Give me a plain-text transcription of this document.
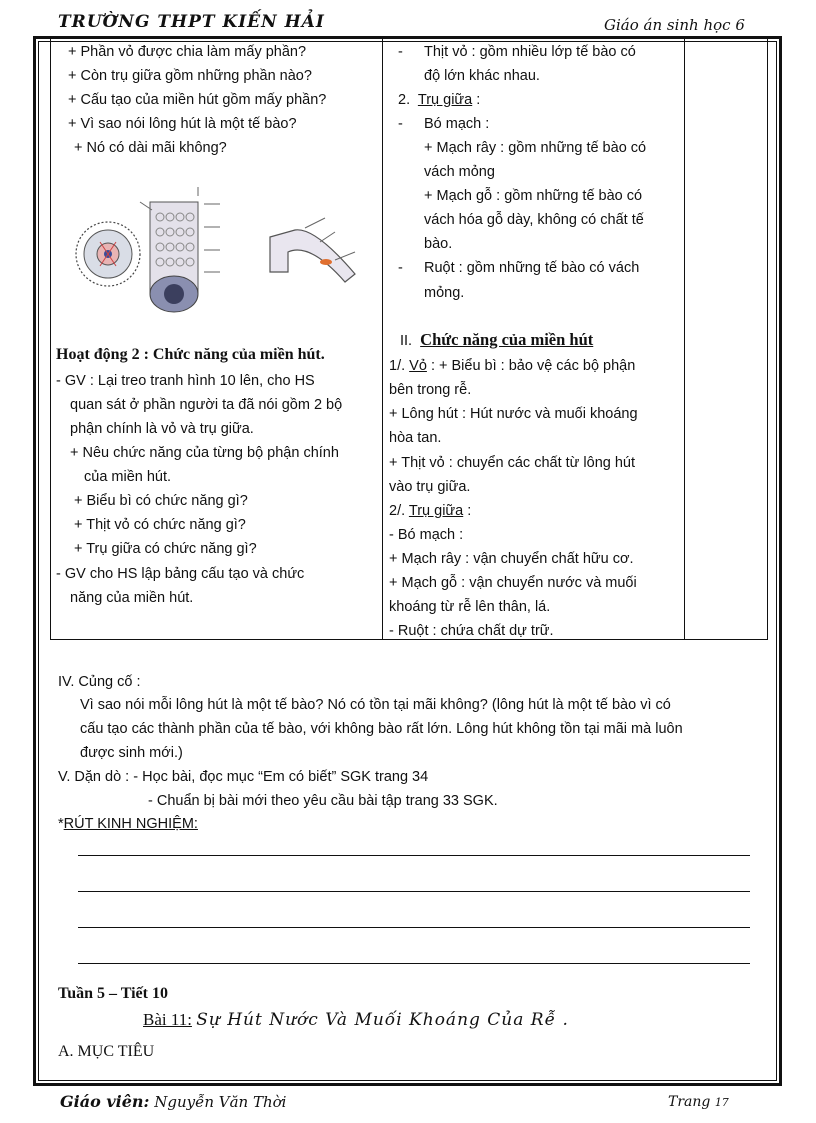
TRƯỜNG THPT KIẾN HẢI	Giáo án sinh học 6
+ Phần vỏ được chia làm mấy phần?
+ Còn trụ giữa gồm những phần nào?
+ Cấu tạo của miền hút gồm mấy phần?
+ Vì sao nói lông hút là một tế bào?
+ Nó có dài mãi không?
Hoạt động 2 : Chức năng của miền hút.
- GV : Lại treo tranh hình 10 lên, cho HS
quan sát ở phần người ta đã nói gồm 2 bộ
phận chính là vỏ và trụ giữa.
+ Nêu chức năng của từng bộ phận chính
của miền hút.
+ Biểu bì có chức năng gì?
+ Thịt vỏ có chức năng gì?
+ Trụ giữa có chức năng gì?
- GV cho HS lập bảng cấu tạo và chức
năng của miền hút.
- Thịt vỏ : gồm nhiều lớp tế bào có
độ lớn khác nhau.
2. Trụ giữa :
- Bó mạch :
+ Mạch rây : gồm những tế bào có
vách mỏng
+ Mạch gỗ : gồm những tế bào có
vách hóa gỗ dày, không có chất tế
bào.
- Ruột : gồm những tế bào có vách
mỏng.
II. Chức năng của miền hút
1/. Vỏ : + Biểu bì : bảo vệ các bộ phận
bên trong rễ.
+ Lông hút : Hút nước và muối khoáng
hòa tan.
+ Thịt vỏ : chuyển các chất từ lông hút
vào trụ giữa.
2/. Trụ giữa :
- Bó mạch :
+ Mạch rây : vận chuyển chất hữu cơ.
+ Mạch gỗ : vận chuyển nước và muối
khoáng từ rễ lên thân, lá.
- Ruột : chứa chất dự trữ.
IV. Củng cố :
Vì sao nói mỗi lông hút là một tế bào? Nó có tồn tại mãi không? (lông hút là một tế bào vì có
cấu tạo các thành phần của tế bào, với không bào rất lớn. Lông hút không tồn tại mãi mà luôn
được sinh mới.)
V. Dặn dò : - Học bài, đọc mục “Em có biết” SGK trang 34
- Chuẩn bị bài mới theo yêu cầu bài tập trang 33 SGK.
*RÚT KINH NGHIỆM:
Tuần 5 – Tiết 10
Bài 11: Sự Hút Nước Và Muối Khoáng Của Rễ .
A. MỤC TIÊU
Giáo viên: Nguyễn Văn Thời	Trang 17
